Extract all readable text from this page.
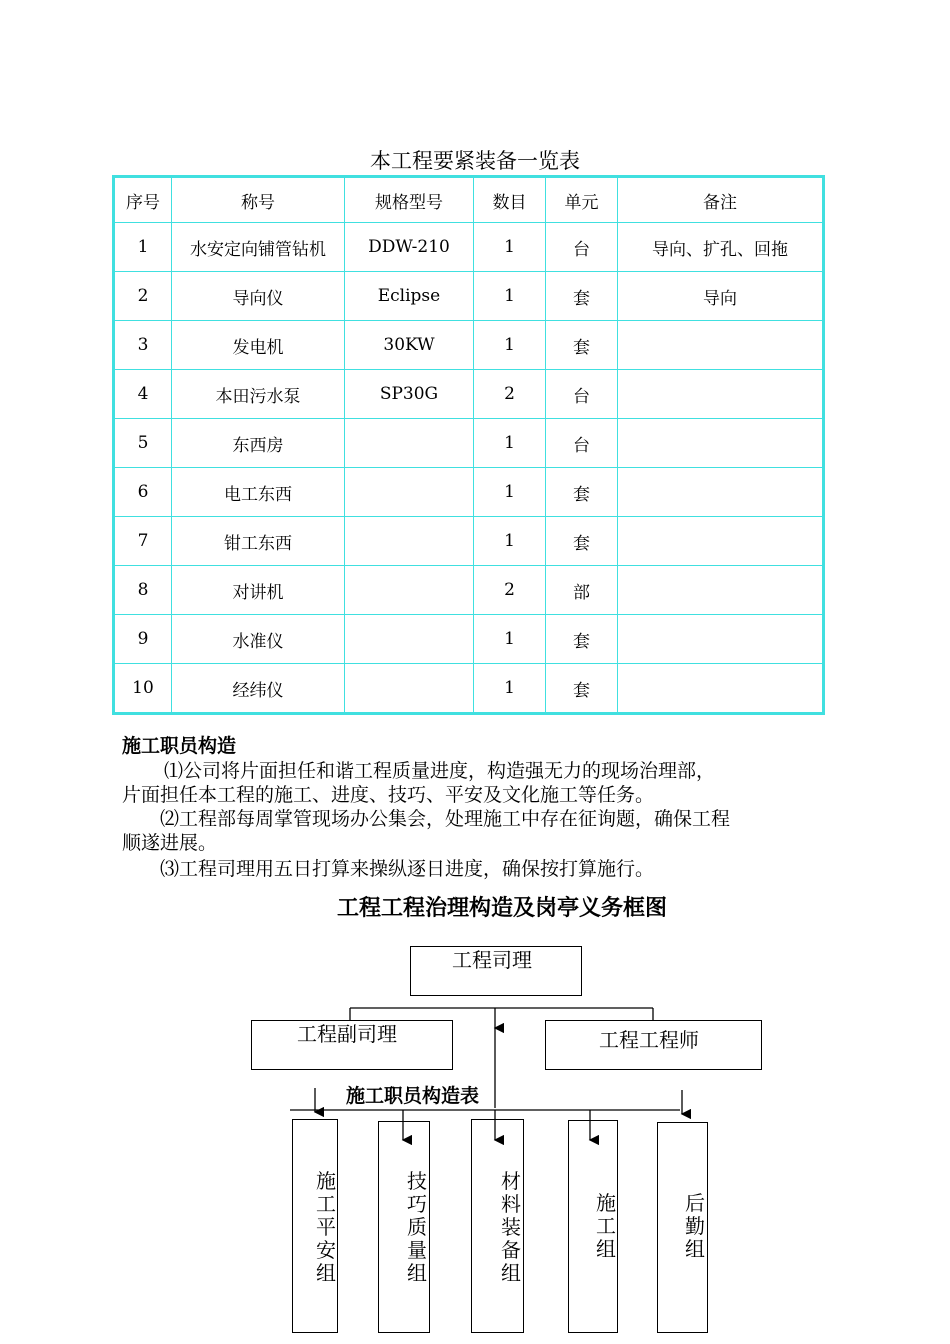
本工程要紧装备一览表
序号	称号	规格型号	数目	单元	备注
1	水安定向铺管钻机	DDW-210	1	台	导向、扩孔、回拖
2	导向仪	Eclipse	1	套	导向
3	发电机	30KW	1	套	
4	本田污水泵	SP30G	2	台	
5	东西房		1	台	
6	电工东西		1	套	
7	钳工东西		1	套	
8	对讲机		2	部	
9	水准仪		1	套	
10	经纬仪		1	套	
施工职员构造
⑴公司将片面担任和谐工程质量进度，构造强无力的现场治理部，
片面担任本工程的施工、进度、技巧、平安及文化施工等任务。
⑵工程部每周掌管现场办公集会，处理施工中存在征询题，确保工程
顺遂进展。
⑶工程司理用五日打算来操纵逐日进度，确保按打算施行。
工程工程治理构造及岗亭义务框图
工程司理
工程副司理	工程工程师
施工职员构造表
施工平安组
技巧质量组
材料装备组
施工组
后勤组
